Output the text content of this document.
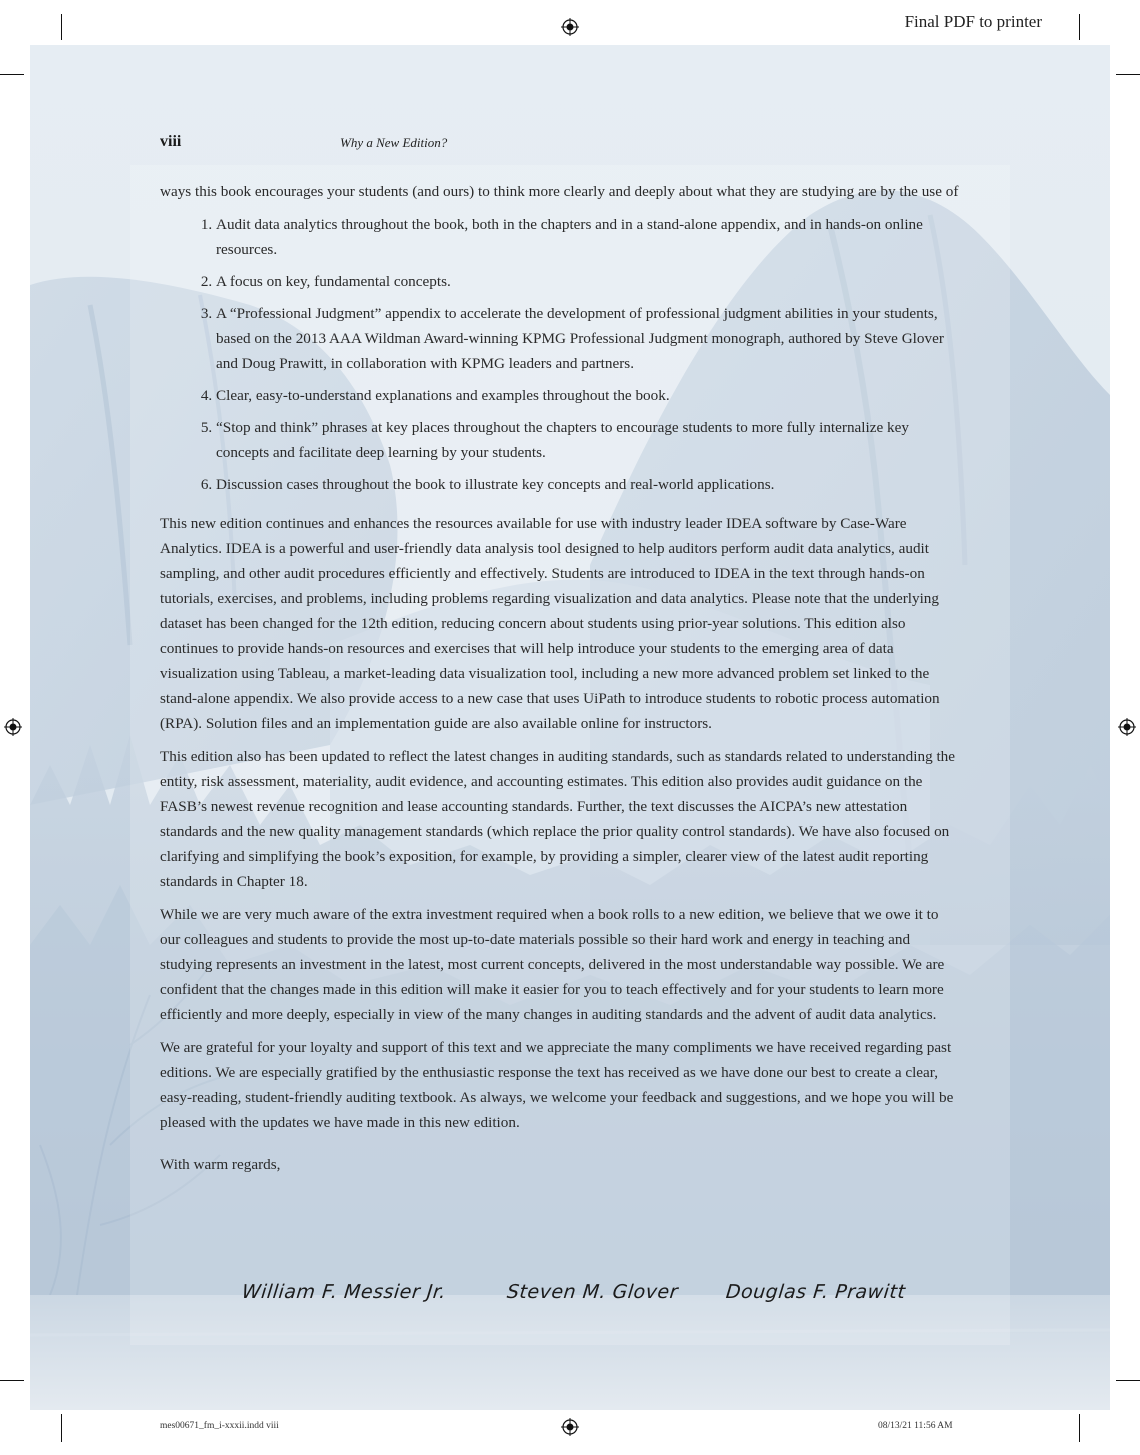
Final PDF to printer
mes00671_fm_i-xxxii.indd viii	08/13/21 11:56 AM
viii	Why a New Edition?

ways this book encourages your students (and ours) to think more clearly and deeply about what they are studying are by the use of

1. Audit data analytics throughout the book, both in the chapters and in a stand-alone appendix, and in hands-on online resources.
2. A focus on key, fundamental concepts.
3. A “Professional Judgment” appendix to accelerate the development of professional judgment abilities in your students, based on the 2013 AAA Wildman Award-winning KPMG Professional Judgment monograph, authored by Steve Glover and Doug Prawitt, in collaboration with KPMG leaders and partners.
4. Clear, easy-to-understand explanations and examples throughout the book.
5. “Stop and think” phrases at key places throughout the chapters to encourage students to more fully internalize key concepts and facilitate deep learning by your students.
6. Discussion cases throughout the book to illustrate key concepts and real-world applications.

This new edition continues and enhances the resources available for use with industry leader IDEA software by Case-Ware Analytics. IDEA is a powerful and user-friendly data analysis tool designed to help auditors perform audit data analytics, audit sampling, and other audit procedures efficiently and effectively. Students are introduced to IDEA in the text through hands-on tutorials, exercises, and problems, including problems regarding visualization and data analytics. Please note that the underlying dataset has been changed for the 12th edition, reducing concern about students using prior-year solutions. This edition also continues to provide hands-on resources and exercises that will help introduce your students to the emerging area of data visualization using Tableau, a market-leading data visualization tool, including a new more advanced problem set linked to the stand-alone appendix. We also provide access to a new case that uses UiPath to introduce students to robotic process automation (RPA). Solution files and an implementation guide are also available online for instructors.

This edition also has been updated to reflect the latest changes in auditing standards, such as standards related to understanding the entity, risk assessment, materiality, audit evidence, and accounting estimates. This edition also provides audit guidance on the FASB’s newest revenue recognition and lease accounting standards. Further, the text discusses the AICPA’s new attestation standards and the new quality management standards (which replace the prior quality control standards). We have also focused on clarifying and simplifying the book’s exposition, for example, by providing a simpler, clearer view of the latest audit reporting standards in Chapter 18.

While we are very much aware of the extra investment required when a book rolls to a new edition, we believe that we owe it to our colleagues and students to provide the most up-to-date materials possible so their hard work and energy in teaching and studying represents an investment in the latest, most current concepts, delivered in the most understandable way possible. We are confident that the changes made in this edition will make it easier for you to teach effectively and for your students to learn more efficiently and more deeply, especially in view of the many changes in auditing standards and the advent of audit data analytics.

We are grateful for your loyalty and support of this text and we appreciate the many compliments we have received regarding past editions. We are especially gratified by the enthusiastic response the text has received as we have done our best to create a clear, easy-reading, student-friendly auditing textbook. As always, we welcome your feedback and suggestions, and we hope you will be pleased with the updates we have made in this new edition.

With warm regards,

William F. Messier Jr.	Steven M. Glover Douglas F. Prawitt
